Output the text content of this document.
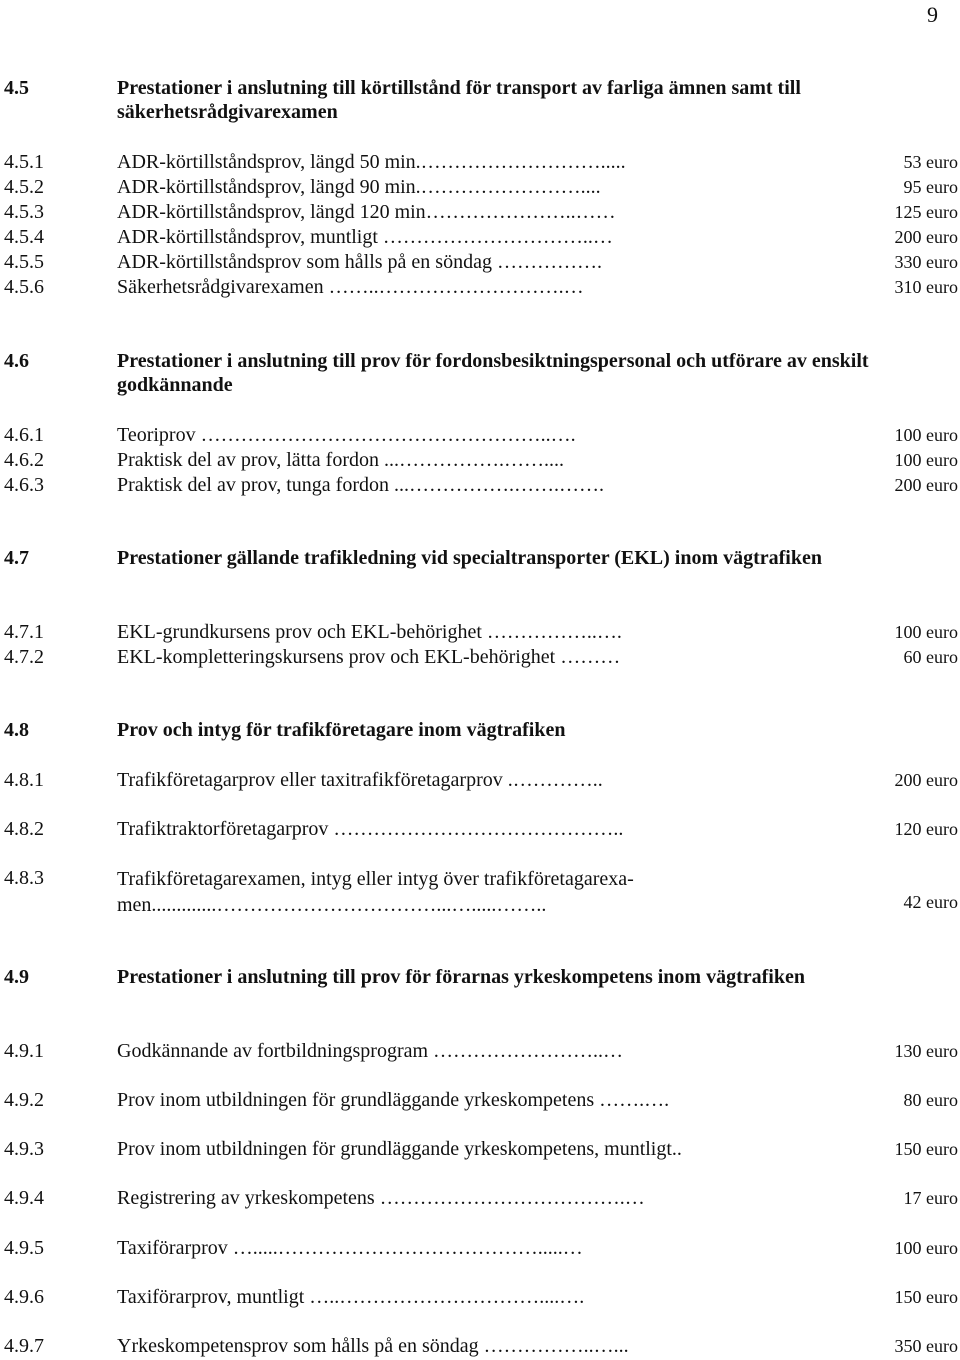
9
4.5	Prestationer i anslutning till körtillstånd för transport av farliga ämnen samt till säkerhetsrådgivarexamen
4.5.1	ADR-körtillståndsprov, längd 50 min.……………………….....	53 euro
4.5.2	ADR-körtillståndsprov, längd 90 min.……………………....	95 euro
4.5.3	ADR-körtillståndsprov, längd 120 min…………………..……	125 euro
4.5.4	ADR-körtillståndsprov, muntligt …………………………..…	200 euro
4.5.5	ADR-körtillståndsprov som hålls på en söndag …………….	330 euro
4.5.6	Säkerhetsrådgivarexamen ……..……………………….…	310 euro
4.6	Prestationer i anslutning till prov för fordonsbesiktningspersonal och utförare av enskilt godkännande
4.6.1	Teoriprov ……………………………………………..….	100 euro
4.6.2	Praktisk del av prov, lätta fordon ...…………….……....	100 euro
4.6.3	Praktisk del av prov, tunga fordon ...…………….…….…….	200 euro
4.7	Prestationer gällande trafikledning vid specialtransporter (EKL) inom vägtrafiken
4.7.1	EKL-grundkursens prov och EKL-behörighet ……………..….	100 euro
4.7.2	EKL-kompletteringskursens prov och EKL-behörighet ………	60 euro
4.8	Prov och intyg för trafikföretagare inom vägtrafiken
4.8.1	Trafikföretagarprov eller taxitrafikföretagarprov .…………..	200 euro
4.8.2	Trafiktraktorföretagarprov ……………………………………..	120 euro
4.8.3	Trafikföretagarexamen, intyg eller intyg över trafikföretagarexa-men.............……………………………...….....……..	42 euro
4.9	Prestationer i anslutning till prov för förarnas yrkeskompetens inom vägtrafiken
4.9.1	Godkännande av fortbildningsprogram ……………………..…	130 euro
4.9.2	Prov inom utbildningen för grundläggande yrkeskompetens …….….	80 euro
4.9.3	Prov inom utbildningen för grundläggande yrkeskompetens, muntligt..	150 euro
4.9.4	Registrering av yrkeskompetens ……………………………….…	17 euro
4.9.5	Taxiförarprov ….....………………………………….....…	100 euro
4.9.6	Taxiförarprov, muntligt …..…………………………....….	150 euro
4.9.7	Yrkeskompetensprov som hålls på en söndag ……………..…...	350 euro
